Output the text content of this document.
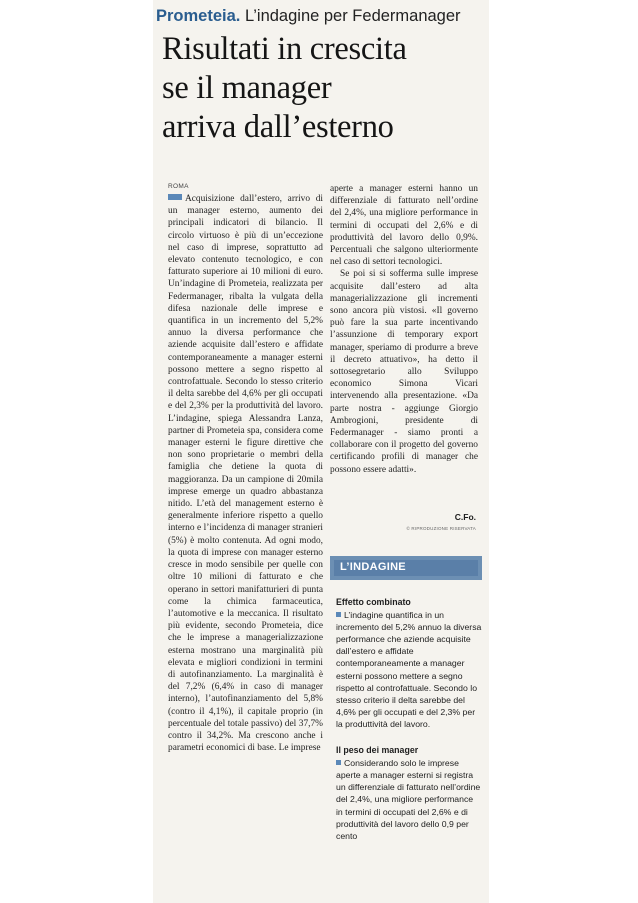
Prometeia. L’indagine per Federmanager
Risultati in crescita
se il manager
arriva dall’esterno
ROMA

Acquisizione dall’estero, arrivo di un manager esterno, aumento dei principali indicatori di bilancio. Il circolo virtuoso è più di un’eccezione nel caso di imprese, soprattutto ad elevato contenuto tecnologico, e con fatturato superiore ai 10 milioni di euro. Un’indagine di Prometeia, realizzata per Federmanager, ribalta la vulgata della difesa nazionale delle imprese e quantifica in un incremento del 5,2% annuo la diversa performance che aziende acquisite dall’estero e affidate contemporaneamente a manager esterni possono mettere a segno rispetto al controfattuale. Secondo lo stesso criterio il delta sarebbe del 4,6% per gli occupati e del 2,3% per la produttività del lavoro. L’indagine, spiega Alessandra Lanza, partner di Prometeia spa, considera come manager esterni le figure direttive che non sono proprietarie o membri della famiglia che detiene la quota di maggioranza. Da un campione di 20mila imprese emerge un quadro abbastanza nitido. L’età del management esterno è generalmente inferiore rispetto a quello interno e l’incidenza di manager stranieri (5%) è molto contenuta. Ad ogni modo, la quota di imprese con manager esterno cresce in modo sensibile per quelle con oltre 10 milioni di fatturato e che operano in settori manifatturieri di punta come la chimica farmaceutica, l’automotive e la meccanica. Il risultato più evidente, secondo Prometeia, dice che le imprese a managerializzazione esterna mostrano una marginalità più elevata e migliori condizioni in termini di autofinanziamento. La marginalità è del 7,2% (6,4% in caso di manager interno), l’autofinanziamento del 5,8% (contro il 4,1%), il capitale proprio (in percentuale del totale passivo) del 37,7% contro il 34,2%. Ma crescono anche i parametri economici di base. Le imprese

aperte a manager esterni hanno un differenziale di fatturato nell’ordine del 2,4%, una migliore performance in termini di occupati del 2,6% e di produttività del lavoro dello 0,9%. Percentuali che salgono ulteriormente nel caso di settori tecnologici.

Se poi si si sofferma sulle imprese acquisite dall’estero ad alta managerializzazione gli incrementi sono ancora più vistosi. «Il governo può fare la sua parte incentivando l’assunzione di temporary export manager, speriamo di produrre a breve il decreto attuativo», ha detto il sottosegretario allo Sviluppo economico Simona Vicari intervenendo alla presentazione. «Da parte nostra - aggiunge Giorgio Ambrogioni, presidente di Federmanager - siamo pronti a collaborare con il progetto del governo certificando profili di manager che possono essere adatti».

C.Fo.
© RIPRODUZIONE RISERVATA
L’INDAGINE
Effetto combinato

L’indagine quantifica in un incremento del 5,2% annuo la diversa performance che aziende acquisite dall’estero e affidate contemporaneamente a manager esterni possono mettere a segno rispetto al controfattuale. Secondo lo stesso criterio il delta sarebbe del 4,6% per gli occupati e del 2,3% per la produttività del lavoro.

Il peso dei manager

Considerando solo le imprese aperte a manager esterni si registra un differenziale di fatturato nell’ordine del 2,4%, una migliore performance in termini di occupati del 2,6% e di produttività del lavoro dello 0,9 per cento
